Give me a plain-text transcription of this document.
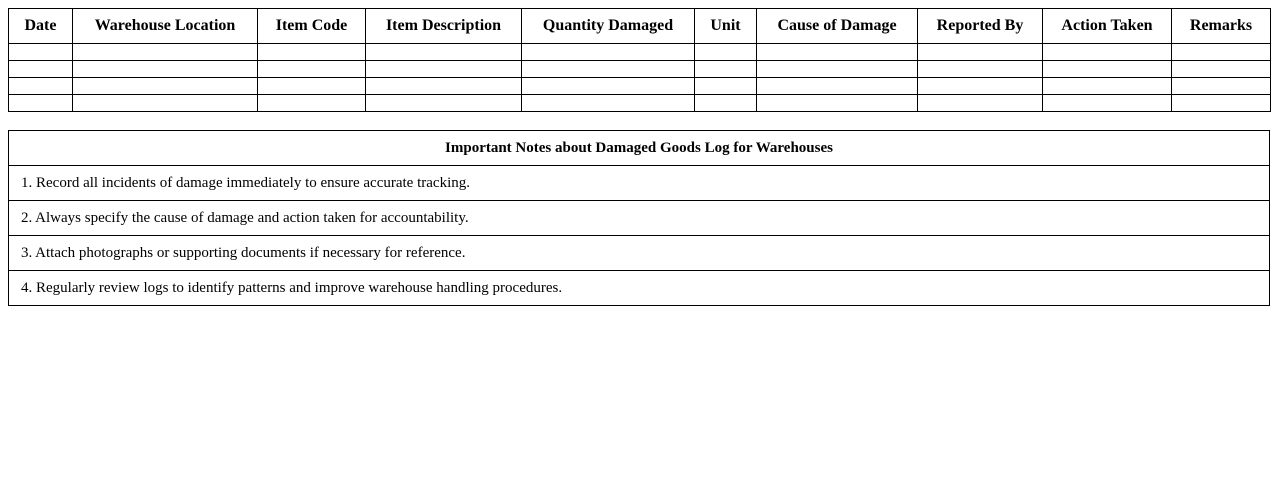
Date	Warehouse Location	Item Code	Item Description	Quantity Damaged	Unit	Cause of Damage	Reported By	Action Taken	Remarks

Important Notes about Damaged Goods Log for Warehouses
1. Record all incidents of damage immediately to ensure accurate tracking.
2. Always specify the cause of damage and action taken for accountability.
3. Attach photographs or supporting documents if necessary for reference.
4. Regularly review logs to identify patterns and improve warehouse handling procedures.
